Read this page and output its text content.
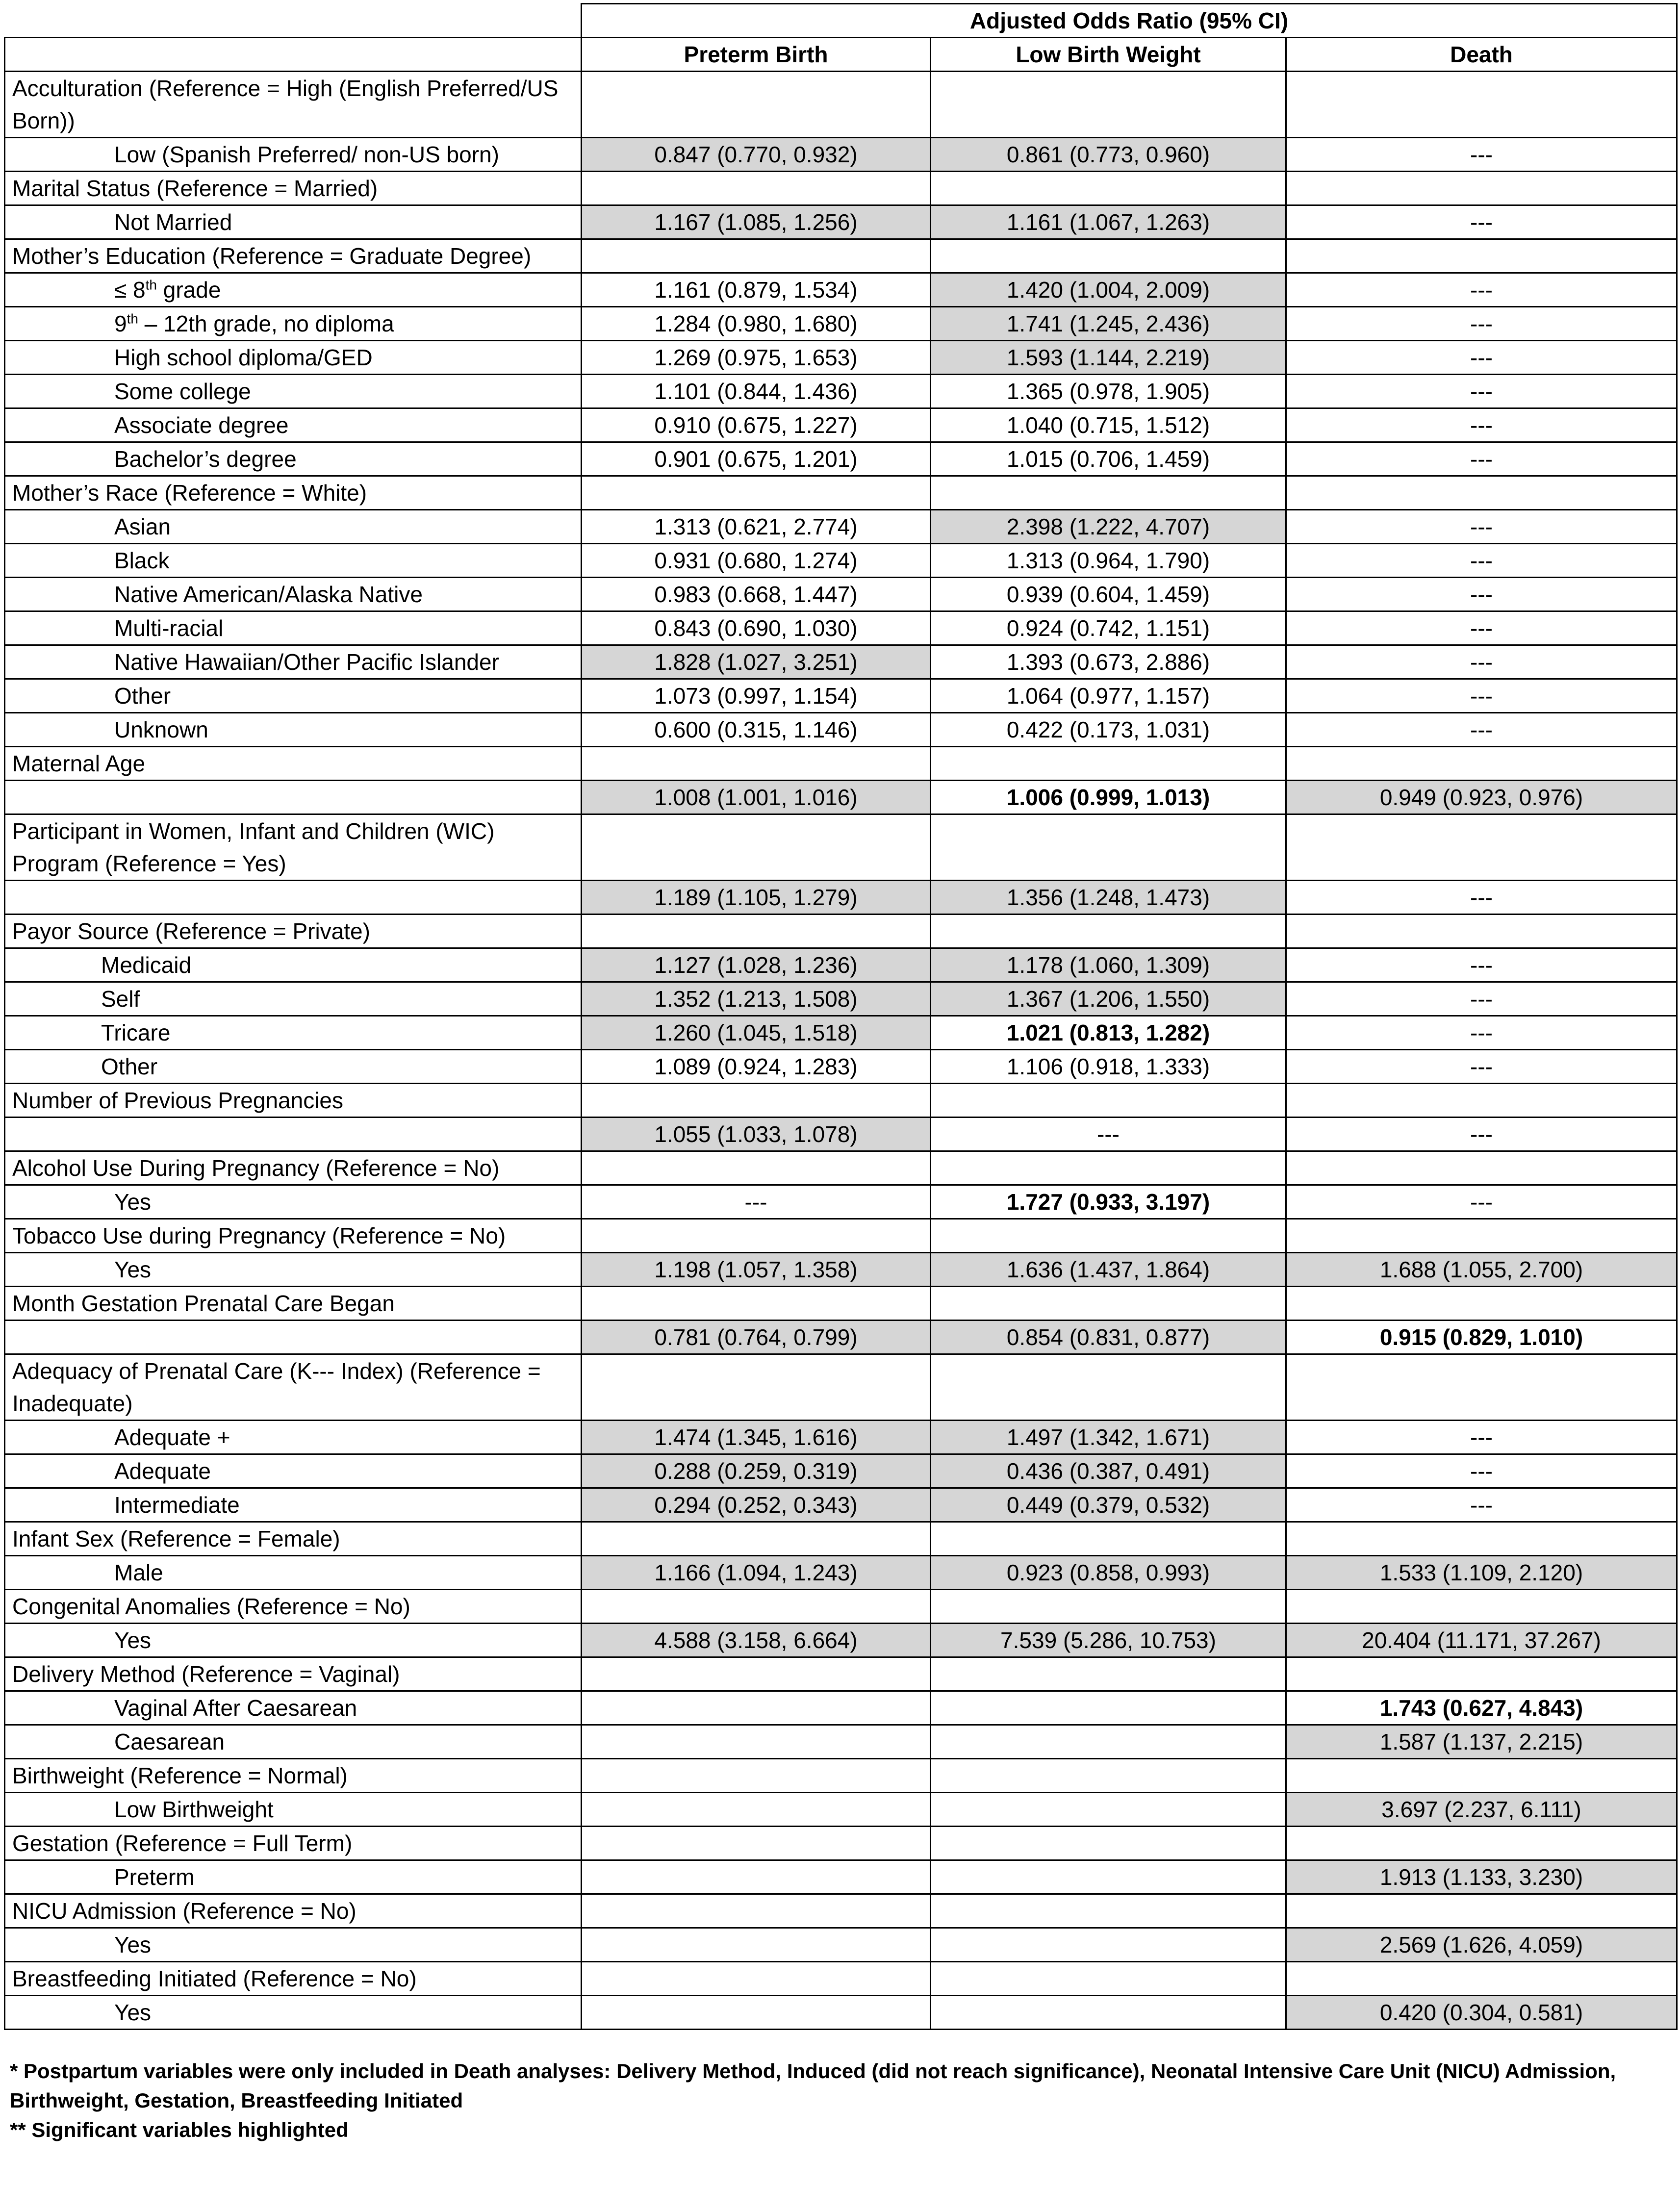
	Adjusted Odds Ratio (95% CI)		
	Preterm Birth	Low Birth Weight	Death
Acculturation (Reference = High (English Preferred/US Born))			
Low (Spanish Preferred/ non-US born)	0.847 (0.770, 0.932)	0.861 (0.773, 0.960)	---
Marital Status (Reference = Married)			
Not Married	1.167 (1.085, 1.256)	1.161 (1.067, 1.263)	---
Mother’s Education (Reference = Graduate Degree)			
≤ 8th grade	1.161 (0.879, 1.534)	1.420 (1.004, 2.009)	---
9th – 12th grade, no diploma	1.284 (0.980, 1.680)	1.741 (1.245, 2.436)	---
High school diploma/GED	1.269 (0.975, 1.653)	1.593 (1.144, 2.219)	---
Some college	1.101 (0.844, 1.436)	1.365 (0.978, 1.905)	---
Associate degree	0.910 (0.675, 1.227)	1.040 (0.715, 1.512)	---
Bachelor’s degree	0.901 (0.675, 1.201)	1.015 (0.706, 1.459)	---
Mother’s Race (Reference = White)			
Asian	1.313 (0.621, 2.774)	2.398 (1.222, 4.707)	---
Black	0.931 (0.680, 1.274)	1.313 (0.964, 1.790)	---
Native American/Alaska Native	0.983 (0.668, 1.447)	0.939 (0.604, 1.459)	---
Multi-racial	0.843 (0.690, 1.030)	0.924 (0.742, 1.151)	---
Native Hawaiian/Other Pacific Islander	1.828 (1.027, 3.251)	1.393 (0.673, 2.886)	---
Other	1.073 (0.997, 1.154)	1.064 (0.977, 1.157)	---
Unknown	0.600 (0.315, 1.146)	0.422 (0.173, 1.031)	---
Maternal Age			
	1.008 (1.001, 1.016)	1.006 (0.999, 1.013)	0.949 (0.923, 0.976)
Participant in Women, Infant and Children (WIC) Program (Reference = Yes)			
	1.189 (1.105, 1.279)	1.356 (1.248, 1.473)	---
Payor Source (Reference = Private)			
Medicaid	1.127 (1.028, 1.236)	1.178 (1.060, 1.309)	---
Self	1.352 (1.213, 1.508)	1.367 (1.206, 1.550)	---
Tricare	1.260 (1.045, 1.518)	1.021 (0.813, 1.282)	---
Other	1.089 (0.924, 1.283)	1.106 (0.918, 1.333)	---
Number of Previous Pregnancies			
	1.055 (1.033, 1.078)	---	---
Alcohol Use During Pregnancy (Reference = No)			
Yes	---	1.727 (0.933, 3.197)	---
Tobacco Use during Pregnancy (Reference = No)			
Yes	1.198 (1.057, 1.358)	1.636 (1.437, 1.864)	1.688 (1.055, 2.700)
Month Gestation Prenatal Care Began			
	0.781 (0.764, 0.799)	0.854 (0.831, 0.877)	0.915 (0.829, 1.010)
Adequacy of Prenatal Care (K--- Index) (Reference = Inadequate)			
Adequate +	1.474 (1.345, 1.616)	1.497 (1.342, 1.671)	---
Adequate	0.288 (0.259, 0.319)	0.436 (0.387, 0.491)	---
Intermediate	0.294 (0.252, 0.343)	0.449 (0.379, 0.532)	---
Infant Sex (Reference = Female)			
Male	1.166 (1.094, 1.243)	0.923 (0.858, 0.993)	1.533 (1.109, 2.120)
Congenital Anomalies (Reference = No)			
Yes	4.588 (3.158, 6.664)	7.539 (5.286, 10.753)	20.404 (11.171, 37.267)
Delivery Method (Reference = Vaginal)			
Vaginal After Caesarean			1.743 (0.627, 4.843)
Caesarean			1.587 (1.137, 2.215)
Birthweight (Reference = Normal)			
Low Birthweight			3.697 (2.237, 6.111)
Gestation (Reference = Full Term)			
Preterm			1.913 (1.133, 3.230)
NICU Admission (Reference = No)			
Yes			2.569 (1.626, 4.059)
Breastfeeding Initiated (Reference = No)			
Yes			0.420 (0.304, 0.581)
* Postpartum variables were only included in Death analyses: Delivery Method, Induced (did not reach significance), Neonatal Intensive Care Unit (NICU) Admission,
Birthweight, Gestation, Breastfeeding Initiated
** Significant variables highlighted
